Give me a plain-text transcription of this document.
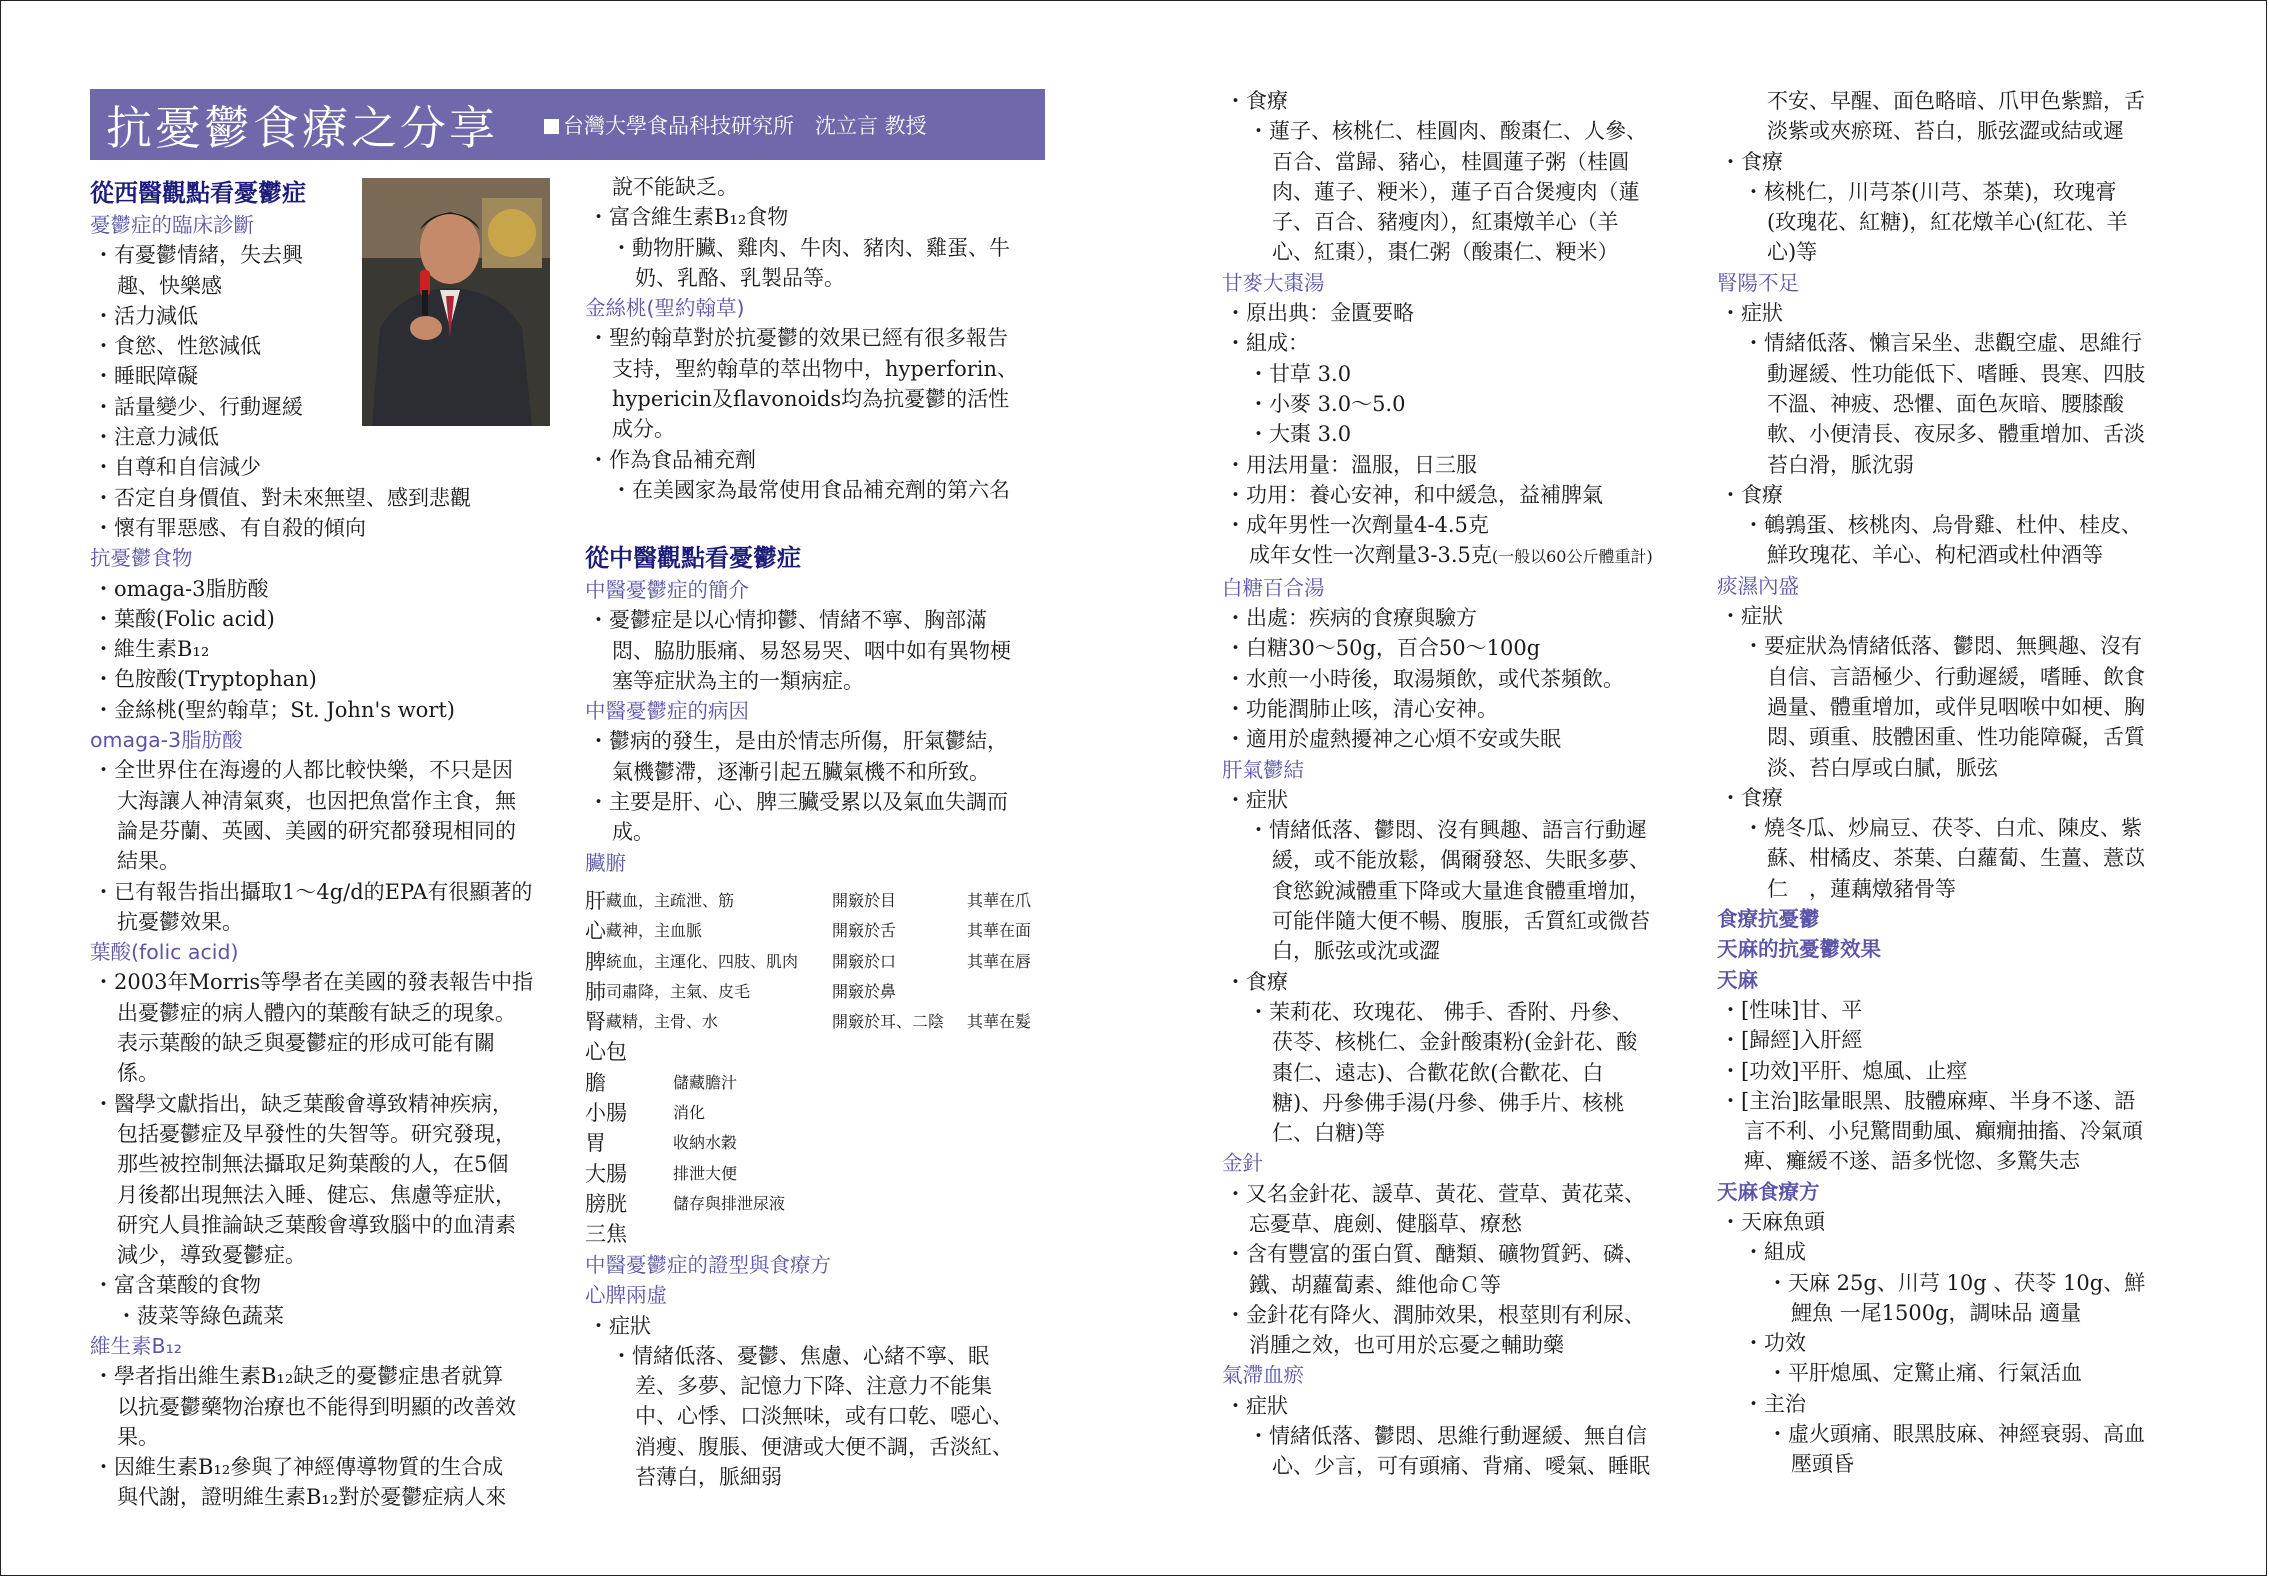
抗憂鬱食療之分享	台灣大學食品科技研究所　沈立言 教授
從西醫觀點看憂鬱症
憂鬱症的臨床診斷
・有憂鬱情緒，失去興
趣、快樂感
・活力減低
・食慾、性慾減低
・睡眠障礙
・話量變少、行動遲緩
・注意力減低
・自尊和自信減少
・否定自身價值、對未來無望、感到悲觀
・懷有罪惡感、有自殺的傾向
抗憂鬱食物
・omaga-3脂肪酸
・葉酸(Folic acid)
・維生素B₁₂
・色胺酸(Tryptophan)
・金絲桃(聖約翰草；St. John's wort)
omaga-3脂肪酸
・全世界住在海邊的人都比較快樂，不只是因
大海讓人神清氣爽，也因把魚當作主食，無
論是芬蘭、英國、美國的研究都發現相同的
結果。
・已有報告指出攝取1～4g/d的EPA有很顯著的
抗憂鬱效果。
葉酸(folic acid)
・2003年Morris等學者在美國的發表報告中指
出憂鬱症的病人體內的葉酸有缺乏的現象。
表示葉酸的缺乏與憂鬱症的形成可能有關
係。
・醫學文獻指出，缺乏葉酸會導致精神疾病，
包括憂鬱症及早發性的失智等。研究發現，
那些被控制無法攝取足夠葉酸的人，在5個
月後都出現無法入睡、健忘、焦慮等症狀，
研究人員推論缺乏葉酸會導致腦中的血清素
減少，導致憂鬱症。
・富含葉酸的食物
・菠菜等綠色蔬菜
維生素B₁₂
・學者指出維生素B₁₂缺乏的憂鬱症患者就算
以抗憂鬱藥物治療也不能得到明顯的改善效
果。
・因維生素B₁₂參與了神經傳導物質的生合成
與代謝，證明維生素B₁₂對於憂鬱症病人來
說不能缺乏。
・富含維生素B₁₂食物
・動物肝臟、雞肉、牛肉、豬肉、雞蛋、牛
奶、乳酪、乳製品等。
金絲桃(聖約翰草)
・聖約翰草對於抗憂鬱的效果已經有很多報告
支持，聖約翰草的萃出物中，hyperforin、
hypericin及flavonoids均為抗憂鬱的活性
成分。
・作為食品補充劑
・在美國家為最常使用食品補充劑的第六名
從中醫觀點看憂鬱症
中醫憂鬱症的簡介
・憂鬱症是以心情抑鬱、情緒不寧、胸部滿
悶、脇肋脹痛、易怒易哭、咽中如有異物梗
塞等症狀為主的一類病症。
中醫憂鬱症的病因
・鬱病的發生，是由於情志所傷，肝氣鬱結，
氣機鬱滯，逐漸引起五臟氣機不和所致。
・主要是肝、心、脾三臟受累以及氣血失調而
成。
臟腑
肝 藏血，主疏泄、筋	開竅於目	其華在爪
心 藏神，主血脈	開竅於舌	其華在面
脾 統血，主運化、四肢、肌肉	開竅於口	其華在唇
肺 司肅降，主氣、皮毛	開竅於鼻
腎 藏精，主骨、水	開竅於耳、二陰	其華在髮
心包
膽	儲藏膽汁
小腸	消化
胃	收納水穀
大腸	排泄大便
膀胱	儲存與排泄尿液
三焦
中醫憂鬱症的證型與食療方
心脾兩虛
・症狀
・情緒低落、憂鬱、焦慮、心緒不寧、眠
差、多夢、記憶力下降、注意力不能集
中、心悸、口淡無味，或有口乾、噁心、
消瘦、腹脹、便溏或大便不調，舌淡紅、
苔薄白，脈細弱
・食療
・蓮子、核桃仁、桂圓肉、酸棗仁、人參、
百合、當歸、豬心，桂圓蓮子粥（桂圓
肉、蓮子、粳米），蓮子百合煲瘦肉（蓮
子、百合、豬瘦肉），紅棗燉羊心（羊
心、紅棗），棗仁粥（酸棗仁、粳米）
甘麥大棗湯
・原出典：金匱要略
・組成：
・甘草 3.0
・小麥 3.0～5.0
・大棗 3.0
・用法用量：溫服，日三服
・功用：養心安神，和中緩急，益補脾氣
・成年男性一次劑量4-4.5克
成年女性一次劑量3-3.5克(一般以60公斤體重計)
白糖百合湯
・出處：疾病的食療與驗方
・白糖30～50g，百合50～100g
・水煎一小時後，取湯頻飲，或代茶頻飲。
・功能潤肺止咳，清心安神。
・適用於虛熱擾神之心煩不安或失眠
肝氣鬱結
・症狀
・情緒低落、鬱悶、沒有興趣、語言行動遲
緩，或不能放鬆，偶爾發怒、失眠多夢、
食慾銳減體重下降或大量進食體重增加，
可能伴隨大便不暢、腹脹，舌質紅或微苔
白，脈弦或沈或澀
・食療
・茉莉花、玫瑰花、 佛手、香附、丹參、
茯苓、核桃仁、金針酸棗粉(金針花、酸
棗仁、遠志)、合歡花飲(合歡花、白
糖)、丹參佛手湯(丹參、佛手片、核桃
仁、白糖)等
金針
・又名金針花、諼草、黃花、萱草、黃花菜、
忘憂草、鹿劍、健腦草、療愁
・含有豐富的蛋白質、醣類、礦物質鈣、磷、
鐵、胡蘿蔔素、維他命Ｃ等
・金針花有降火、潤肺效果，根莖則有利尿、
消腫之效，也可用於忘憂之輔助藥
氣滯血瘀
・症狀
・情緒低落、鬱悶、思維行動遲緩、無自信
心、少言，可有頭痛、背痛、噯氣、睡眠
不安、早醒、面色略暗、爪甲色紫黯，舌
淡紫或夾瘀斑、苔白，脈弦澀或結或遲
・食療
・核桃仁，川芎茶(川芎、茶葉)，玫瑰膏
(玫瑰花、紅糖)，紅花燉羊心(紅花、羊
心)等
腎陽不足
・症狀
・情緒低落、懶言呆坐、悲觀空虛、思維行
動遲緩、性功能低下、嗜睡、畏寒、四肢
不溫、神疲、恐懼、面色灰暗、腰膝酸
軟、小便清長、夜尿多、體重增加、舌淡
苔白滑，脈沈弱
・食療
・鵪鶉蛋、核桃肉、烏骨雞、杜仲、桂皮、
鮮玫瑰花、羊心、枸杞酒或杜仲酒等
痰濕內盛
・症狀
・要症狀為情緒低落、鬱悶、無興趣、沒有
自信、言語極少、行動遲緩，嗜睡、飲食
過量、體重增加，或伴見咽喉中如梗、胸
悶、頭重、肢體困重、性功能障礙，舌質
淡、苔白厚或白膩，脈弦
・食療
・燒冬瓜、炒扁豆、茯苓、白朮、陳皮、紫
蘇、柑橘皮、茶葉、白蘿蔔、生薑、薏苡
仁　，蓮藕燉豬骨等
食療抗憂鬱
天麻的抗憂鬱效果
天麻
・[性味]甘、平
・[歸經]入肝經
・[功效]平肝、熄風、止痙
・[主治]眩暈眼黑、肢體麻痺、半身不遂、語
言不利、小兒驚間動風、癲癇抽搐、冷氣頑
痺、癱緩不遂、語多恍惚、多驚失志
天麻食療方
・天麻魚頭
・組成
・天麻 25g、川芎 10g 、茯苓 10g、鮮
鯉魚 一尾1500g，調味品 適量
・功效
・平肝熄風、定驚止痛、行氣活血
・主治
・虛火頭痛、眼黑肢麻、神經衰弱、高血
壓頭昏
